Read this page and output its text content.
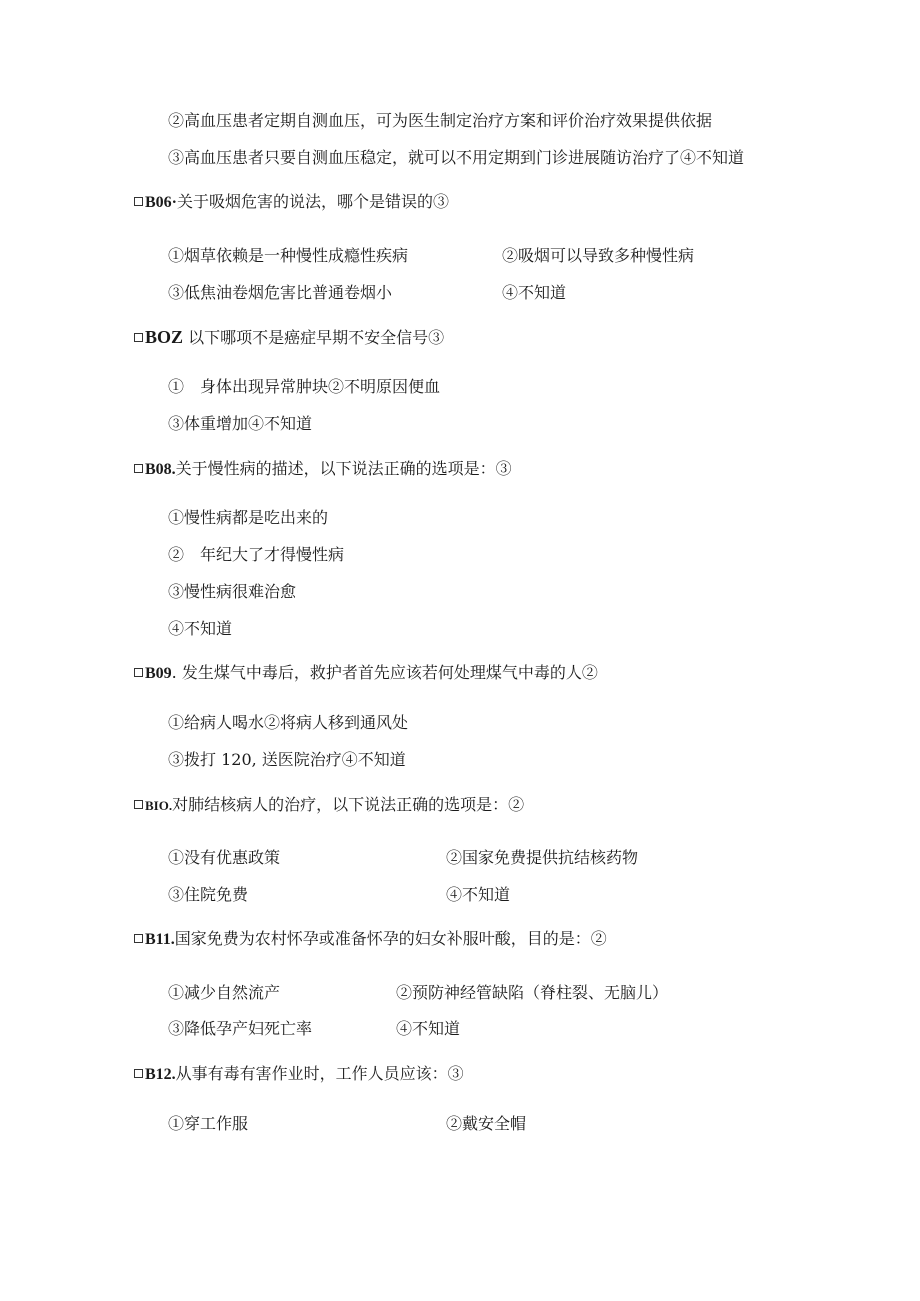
②高血压患者定期自测血压，可为医生制定治疗方案和评价治疗效果提供依据
③高血压患者只要自测血压稳定，就可以不用定期到门诊进展随访治疗了④不知道
B06·关于吸烟危害的说法，哪个是错误的③
①烟草依赖是一种慢性成瘾性疾病	②吸烟可以导致多种慢性病
③低焦油卷烟危害比普通卷烟小	④不知道
BOZ 以下哪项不是癌症早期不安全信号③
①　身体出现异常肿块②不明原因便血
③体重增加④不知道
B08.关于慢性病的描述，以下说法正确的选项是：③
①慢性病都是吃出来的
②　年纪大了才得慢性病
③慢性病很难治愈
④不知道
B09. 发生煤气中毒后，救护者首先应该若何处理煤气中毒的人②
①给病人喝水②将病人移到通风处
③拨打 120, 送医院治疗④不知道
BIO.对肺结核病人的治疗，以下说法正确的选项是：②
①没有优惠政策	②国家免费提供抗结核药物
③住院免费	④不知道
B11.国家免费为农村怀孕或准备怀孕的妇女补服叶酸，目的是：②
①减少自然流产	②预防神经管缺陷（脊柱裂、无脑儿）
③降低孕产妇死亡率	④不知道
B12.从事有毒有害作业时，工作人员应该：③
①穿工作服	②戴安全帽
